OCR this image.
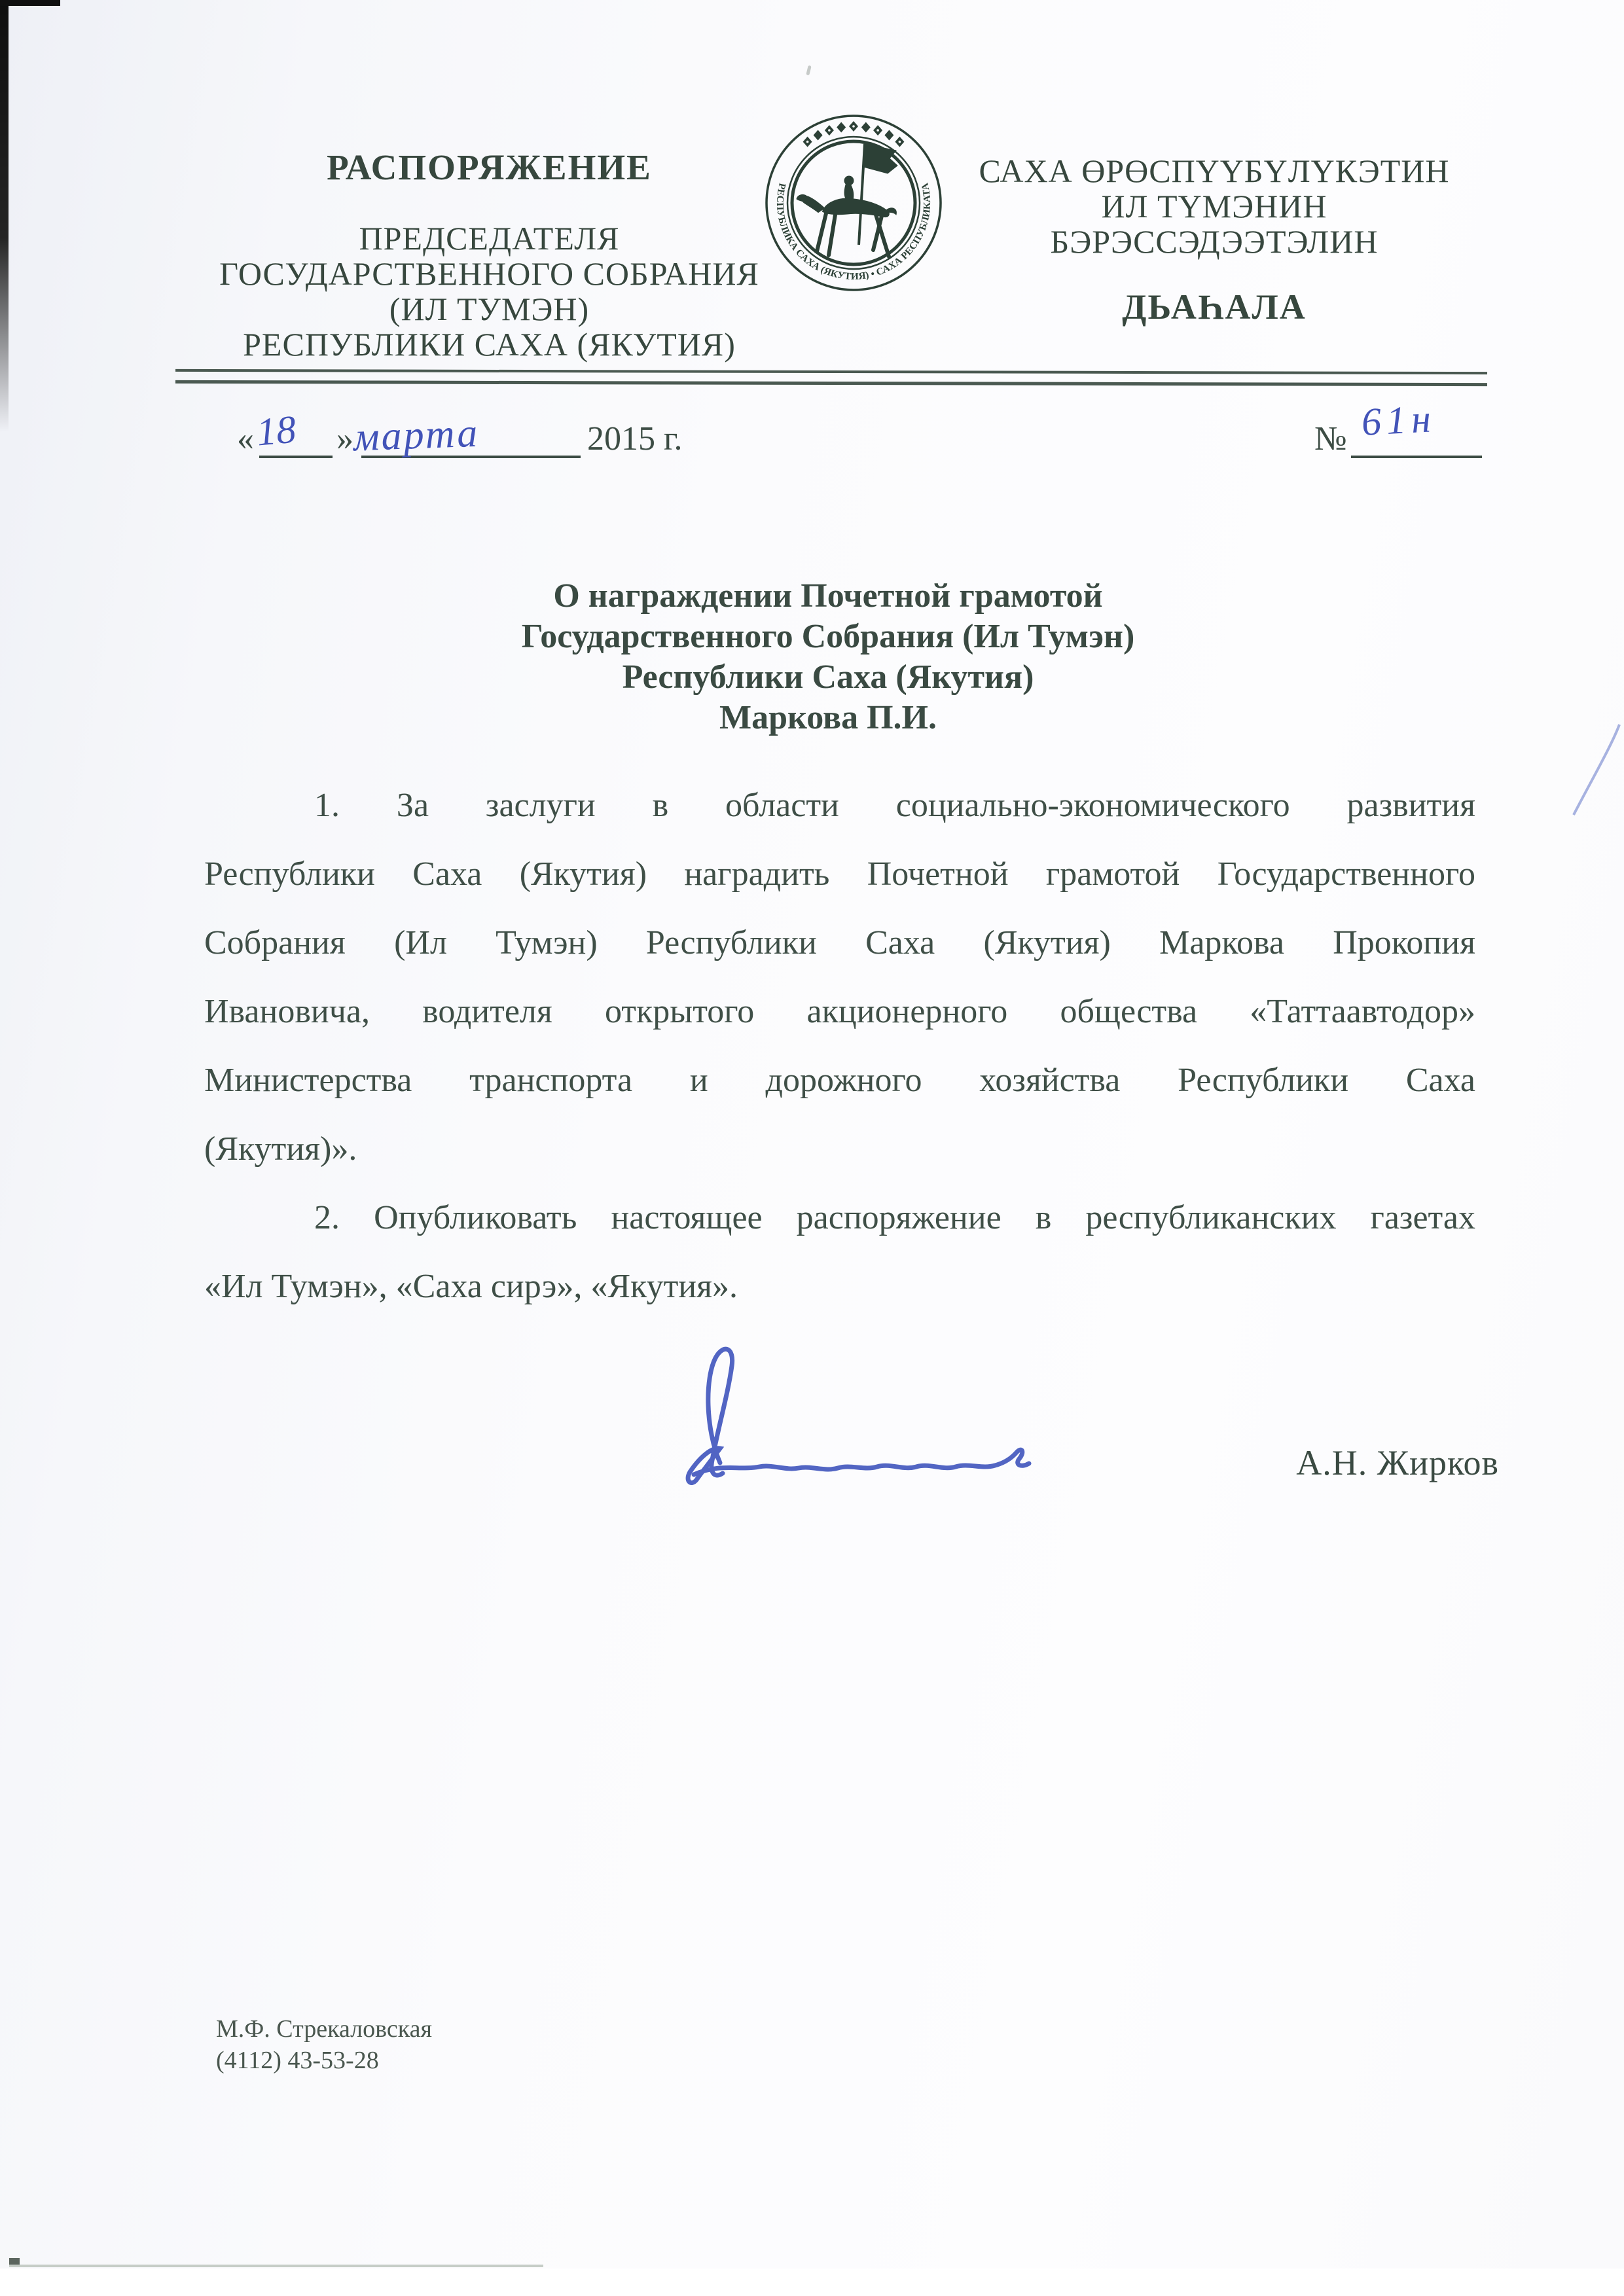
РАСПОРЯЖЕНИЕ
ПРЕДСЕДАТЕЛЯ
ГОСУДАРСТВЕННОГО СОБРАНИЯ
(ИЛ ТУМЭН)
РЕСПУБЛИКИ САХА (ЯКУТИЯ)
РЕСПУБЛИКА САХА (ЯКУТИЯ) • САХА РЕСПУБЛИКАТА	САХА ӨРӨСПҮҮБҮЛҮКЭТИН
ИЛ ТҮМЭНИН
БЭРЭССЭДЭЭТЭЛИН
ДЬАҺАЛА
« »	2015 г.
18 марта	№ 61н
О награждении Почетной грамотой
Государственного Собрания (Ил Тумэн)
Республики Саха (Якутия)
Маркова П.И.
1. За заслуги в области социально-экономического развития
Республики Саха (Якутия) наградить Почетной грамотой Государственного
Собрания (Ил Тумэн) Республики Саха (Якутия) Маркова Прокопия
Ивановича, водителя открытого акционерного общества «Таттаавтодор»
Министерства транспорта и дорожного хозяйства Республики Саха
(Якутия)».
2. Опубликовать настоящее распоряжение в республиканских газетах
«Ил Тумэн», «Саха сирэ», «Якутия».
А.Н. Жирков
М.Ф. Стрекаловская
(4112) 43-53-28
